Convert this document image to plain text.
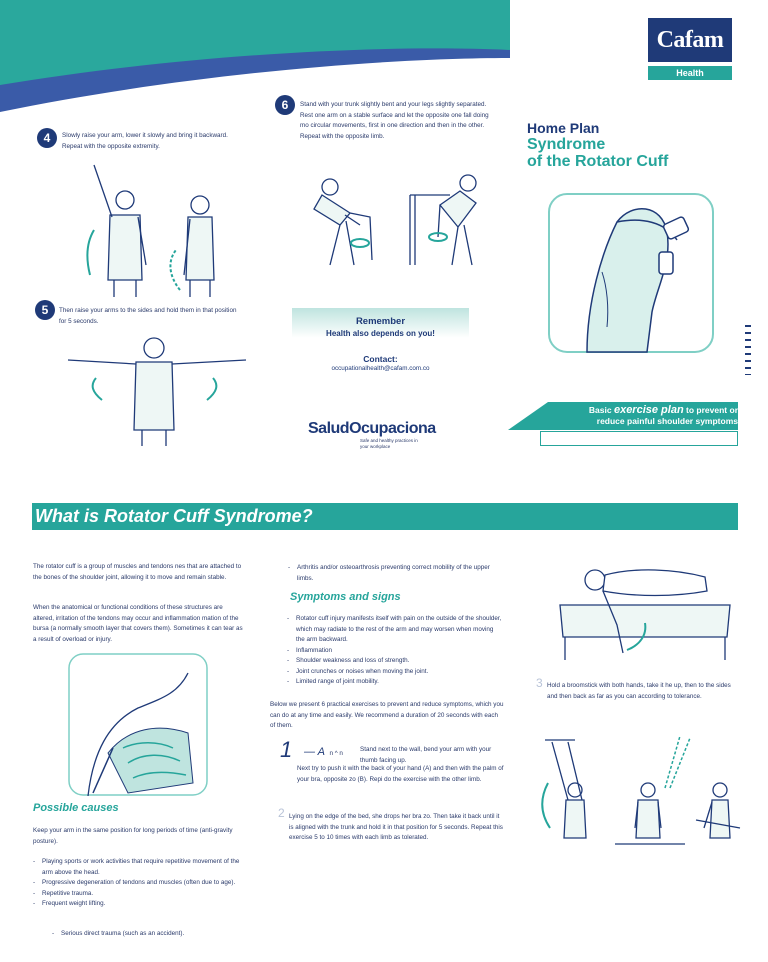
Cafam
Health
Home Plan
Syndrome
of the Rotator Cuff
Basic exercise plan to prevent or
reduce painful shoulder symptoms
4	Slowly raise your arm, lower it slowly and bring it backward. Repeat with the opposite extremity.
5	Then raise your arms to the sides and hold them in that position for 5 seconds.
6	Stand with your trunk slightly bent and your legs slightly separated. Rest one arm on a stable surface and let the opposite one fall doing mo circular movements, first in one direction and then in the other. Repeat with the opposite limb.
Remember
Health also depends on you!
Contact:
occupationalhealth@cafam.com.co
SaludOcupaciona
Safe and healthy practices in
your workplace
What is Rotator Cuff Syndrome?
The rotator cuff is a group of muscles and tendons nes that are attached to the bones of the shoulder joint, allowing it to move and remain stable.
When the anatomical or functional conditions of these structures are altered, irritation of the tendons may occur and inflammation mation of the bursa (a normally smooth layer that covers them). Sometimes it can tear as a result of overload or injury.
Possible causes
Keep your arm in the same position for long periods of time (anti-gravity posture).
- Playing sports or work activities that require repetitive movement of the arm above the head.
- Progressive degeneration of tendons and muscles (often due to age).
- Repetitive trauma.
- Frequent weight lifting.
- Serious direct trauma (such as an accident).
- Arthritis and/or osteoarthrosis preventing correct mobility of the upper limbs.
Symptoms and signs
- Rotator cuff injury manifests itself with pain on the outside of the shoulder, which may radiate to the rest of the arm and may worsen when moving the arm backward.
- Inflammation
- Shoulder weakness and loss of strength.
- Joint crunches or noises when moving the joint.
- Limited range of joint mobility.
Below we present 6 practical exercises to prevent and reduce symptoms, which you can do at any time and easily. We recommend a duration of 20 seconds with each of them.
1 — A n ^ n
Stand next to the wall, bend your arm with your thumb facing up.
Next try to push it with the back of your hand (A) and then with the palm of your bra, opposite zo (B). Repi do the exercise with the other limb.
2 Lying on the edge of the bed, she drops her bra zo. Then take it back until it is aligned with the trunk and hold it in that position for 5 seconds. Repeat this exercise 5 to 10 times with each limb as tolerated.
3 Hold a broomstick with both hands, take it he up, then to the sides and then back as far as you can according to tolerance.
